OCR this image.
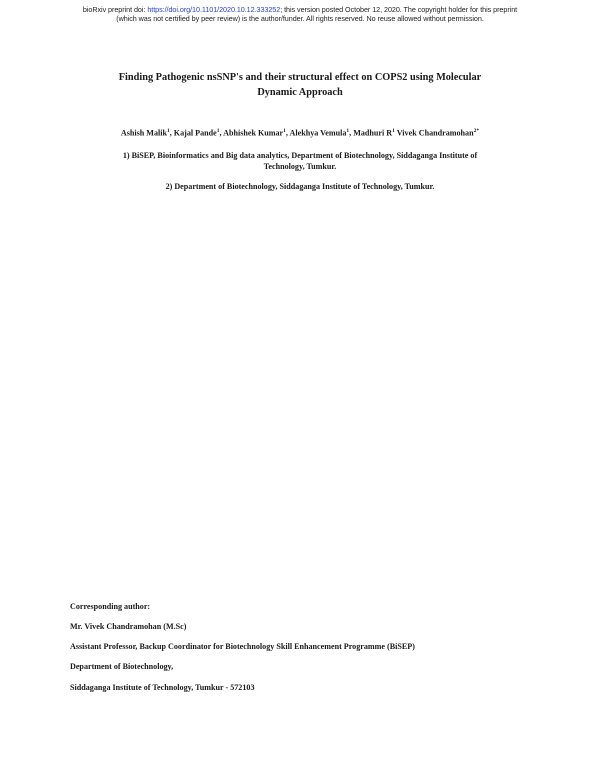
bioRxiv preprint doi: https://doi.org/10.1101/2020.10.12.333252; this version posted October 12, 2020. The copyright holder for this preprint
(which was not certified by peer review) is the author/funder. All rights reserved. No reuse allowed without permission.
Finding Pathogenic nsSNP's and their structural effect on COPS2 using Molecular
Dynamic Approach
Ashish Malik$^1$, Kajal Pande$^1$, Abhishek Kumar$^1$, Alekhya Vemula$^1$, Madhuri $R^1$ Vivek Chandramohan$^{2*}$
1) BiSEP, Bioinformatics and Big data analytics, Department of Biotechnology, Siddaganga Institute of
Technology, Tumkur.
2) Department of Biotechnology, Siddaganga Institute of Technology, Tumkur.
Corresponding author:
Mr. Vivek Chandramohan (M.Sc)
Assistant Professor, Backup Coordinator for Biotechnology Skill Enhancement Programme (BiSEP)
Department of Biotechnology,
Siddaganga Institute of Technology, Tumkur - 572103
